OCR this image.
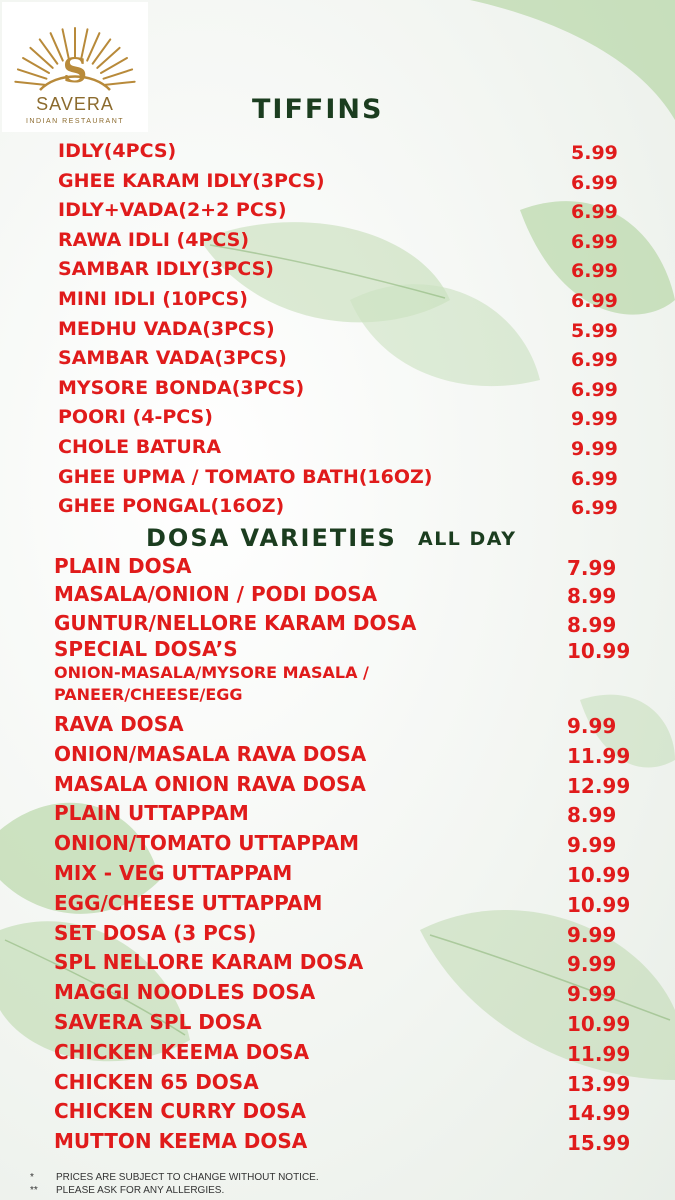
S
SAVERA
INDIAN RESTAURANT	TIFFINS
DOSA VARIETIES ALL DAY
IDLY(4PCS)	5.99
GHEE KARAM IDLY(3PCS)	6.99
IDLY+VADA(2+2 PCS)	6.99
RAWA IDLI (4PCS)	6.99
SAMBAR IDLY(3PCS)	6.99
MINI IDLI (10PCS)	6.99
MEDHU VADA(3PCS)	5.99
SAMBAR VADA(3PCS)	6.99
MYSORE BONDA(3PCS)	6.99
POORI (4-PCS)	9.99
CHOLE BATURA	9.99
GHEE UPMA / TOMATO BATH(16OZ)	6.99
GHEE PONGAL(16OZ)	6.99
PLAIN DOSA	7.99
MASALA/ONION / PODI DOSA	8.99
GUNTUR/NELLORE KARAM DOSA	8.99
SPECIAL DOSA’S	10.99
ONION-MASALA/MYSORE MASALA /
PANEER/CHEESE/EGG
RAVA DOSA	9.99
ONION/MASALA RAVA DOSA	11.99
MASALA ONION RAVA DOSA	12.99
PLAIN UTTAPPAM	8.99
ONION/TOMATO UTTAPPAM	9.99
MIX - VEG UTTAPPAM	10.99
EGG/CHEESE UTTAPPAM	10.99
SET DOSA (3 PCS)	9.99
SPL NELLORE KARAM DOSA	9.99
MAGGI NOODLES DOSA	9.99
SAVERA SPL DOSA	10.99
CHICKEN KEEMA DOSA	11.99
CHICKEN 65 DOSA	13.99
CHICKEN CURRY DOSA	14.99
MUTTON KEEMA DOSA	15.99
* PRICES ARE SUBJECT TO CHANGE WITHOUT NOTICE.
** PLEASE ASK FOR ANY ALLERGIES.
